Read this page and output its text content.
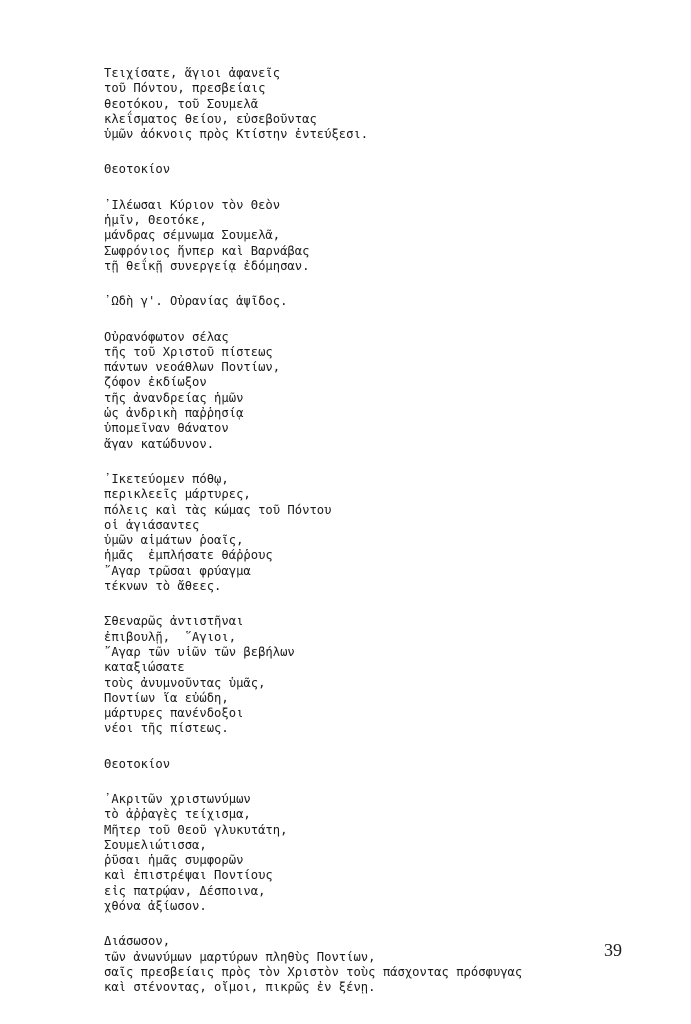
Τειχίσατε, ἅγιοι ἀφανεῖς
τοῦ Πόντου, πρεσβείαις
θεοτόκου, τοῦ Σουμελᾶ
κλεΐσματος θείου, εὐσεβοῦντας
ὑμῶν ἀόκνοις πρὸς Κτίστην ἐντεύξεσι.
Θεοτοκίον
᾿Ιλέωσαι Κύριον τὸν Θεὸν
ἡμῖν, Θεοτόκε,
μάνδρας σέμνωμα Σουμελᾶ,
Σωφρόνιος ἥνπερ καὶ Βαρνάβας
τῇ θεΐκῇ συνεργείᾳ ἐδόμησαν.
᾿Ωδὴ γ'. Οὐρανίας ἁψῖδος.
Οὐρανόφωτον σέλας
τῆς τοῦ Χριστοῦ πίστεως
πάντων νεοάθλων Ποντίων,
ζόφον ἐκδίωξον
τῆς ἀνανδρείας ἡμῶν
ὡς ἀνδρικὴ παῤῥησίᾳ
ὑπομεῖναν θάνατον
ἄγαν κατώδυνον.
᾿Ικετεύομεν πόθῳ,
περικλεεῖς μάρτυρες,
πόλεις καὶ τὰς κώμας τοῦ Πόντου
οἱ ἁγιάσαντες
ὑμῶν αἱμάτων ῥοαῖς,
ἡμᾶς  ἐμπλήσατε θάῤῥους
῎Αγαρ τρῶσαι φρύαγμα
τέκνων τὸ ἄθεες.
Σθεναρῶς ἀντιστῆναι
ἐπιβουλῇ,  ῞Αγιοι,
῎Αγαρ τῶν υἱῶν τῶν βεβήλων
καταξιώσατε
τοὺς ἀνυμνοῦντας ὑμᾶς,
Ποντίων ἵα εὐώδη,
μάρτυρες πανένδοξοι
νέοι τῆς πίστεως.
Θεοτοκίον
᾿Ακριτῶν χριστωνύμων
τὸ ἀῤῥαγὲς τείχισμα,
Μῆτερ τοῦ Θεοῦ γλυκυτάτη,
Σουμελιώτισσα,
ῥῦσαι ἡμᾶς συμφορῶν
καὶ ἐπιστρέψαι Ποντίους
εἰς πατρῴαν, Δέσποινα,
χθόνα ἀξίωσον.
Διάσωσον,
τῶν ἀνωνύμων μαρτύρων πληθὺς Ποντίων,
σαῖς πρεσβείαις πρὸς τὸν Χριστὸν τοὺς πάσχοντας πρόσφυγας
καὶ στένοντας, οἴμοι, πικρῶς ἐν ξένῃ.
39
